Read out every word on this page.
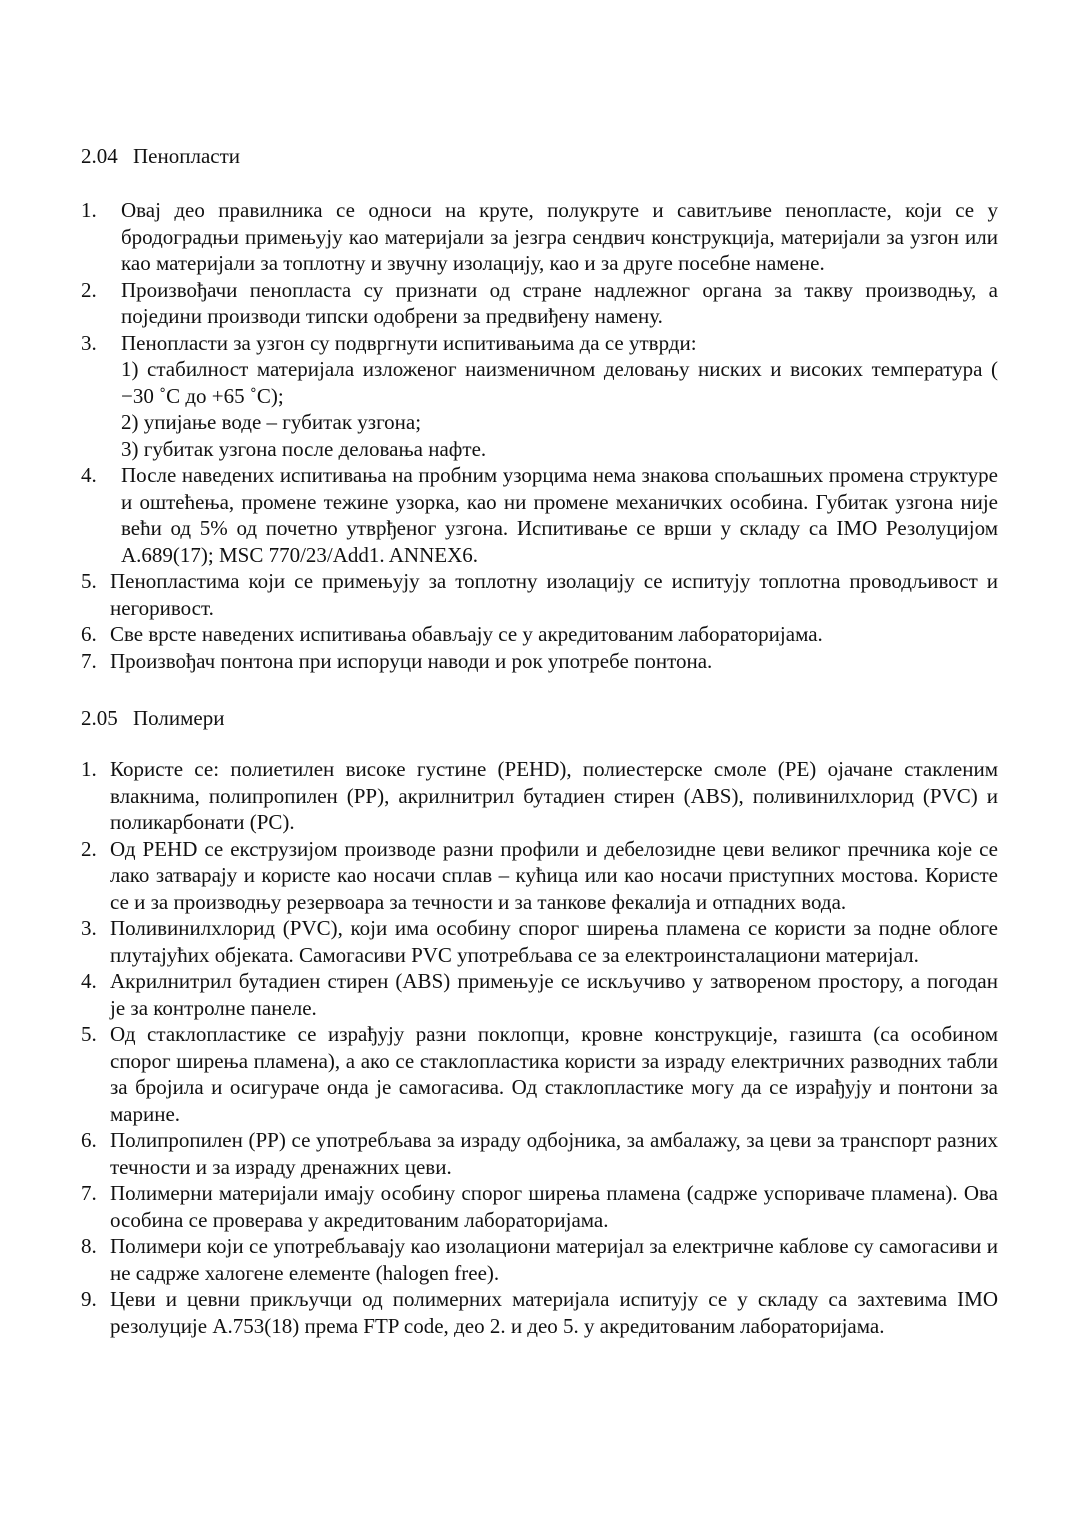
2.04 Пенопласти
1. Овај део правилника се односи на круте, полукруте и савитљиве пенопласте, који се у бродоградњи примењују као материјали за језгра сендвич конструкција, материјали за узгон или као материјали за топлотну и звучну изолацију, као и за друге посебне намене.
2. Произвођачи пенопласта су признати од стране надлежног органа за такву производњу, а поједини производи типски одобрени за предвиђену намену.
3. Пенопласти за узгон су подвргнути испитивањима да се утврди:
1) стабилност материјала изложеног наизменичном деловању ниских и високих температура ( −30 ˚C до +65 ˚C);
2) упијање воде – губитак узгона;
3) губитак узгона после деловања нафте.
4. После наведених испитивања на пробним узорцима нема знакова спољашњих промена структуре и оштећења, промене тежине узорка, као ни промене механичких особина. Губитак узгона није већи од 5% од почетно утврђеног узгона. Испитивање се врши у складу са IMO Резолуцијом A.689(17); MSC 770/23/Add1. ANNEX6.
5. Пенопластима који се примењују за топлотну изолацију се испитују топлотна проводљивост и негоривост.
6. Све врсте наведених испитивања обављају се у акредитованим лабораторијама.
7. Произвођач понтона при испоруци наводи и рок употребе понтона.
2.05 Полимери
1. Користе се: полиетилен високе густине (PEHD), полиестерске смоле (PE) ојачане стакленим влакнима, полипропилен (PP), акрилнитрил бутадиен стирен (ABS), поливинилхлорид (PVC) и поликарбонати (PC).
2. Од PEHD се екструзијом производе разни профили и дебелозидне цеви великог пречника које се лако затварају и користе као носачи сплав – кућица или као носачи приступних мостова. Користе се и за производњу резервоара за течности и за танкове фекалија и отпадних вода.
3. Поливинилхлорид (PVC), који има особину спорог ширења пламена се користи за подне облоге плутајућих објеката. Самогасиви PVC употребљава се за електроинсталациони материјал.
4. Акрилнитрил бутадиен стирен (ABS) примењује се искључиво у затвореном простору, а погодан је за контролне панеле.
5. Од стаклопластике се израђују разни поклопци, кровне конструкције, газишта (са особином спорог ширења пламена), а ако се стаклопластика користи за израду електричних разводних табли за бројила и осигураче онда је самогасива. Од стаклопластике могу да се израђују и понтони за марине.
6. Полипропилен (PP) се употребљава за израду одбојника, за амбалажу, за цеви за транспорт разних течности и за израду дренажних цеви.
7. Полимерни материјали имају особину спорог ширења пламена (садрже успориваче пламена). Ова особина се проверава у акредитованим лабораторијама.
8. Полимери који се употребљавају као изолациони материјал за електричне каблове су самогасиви и не садрже халогене елементе (halogen free).
9. Цеви и цевни прикључци од полимерних материјала испитују се у складу са захтевима IMO резолуције A.753(18) према FTP code, део 2. и део 5. у акредитованим лабораторијама.
